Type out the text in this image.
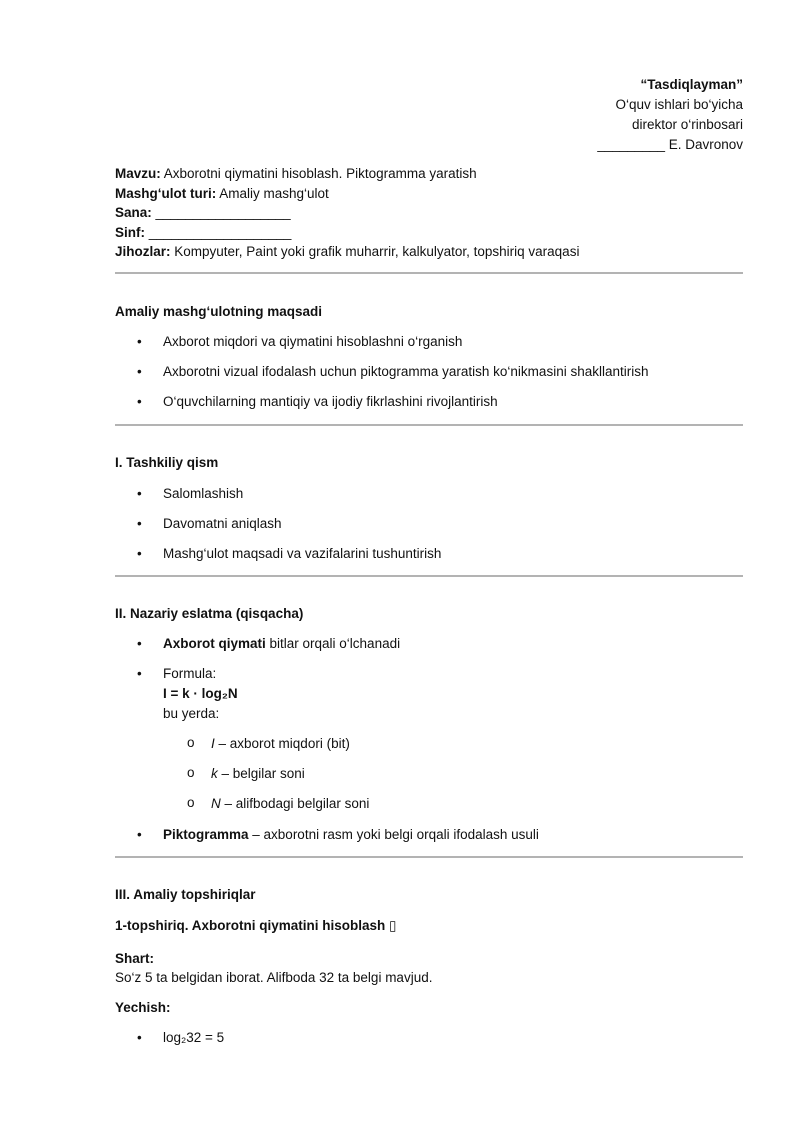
“Tasdiqlayman”
O‘quv ishlari bo‘yicha
direktor o‘rinbosari
_________ E. Davronov
Mavzu: Axborotni qiymatini hisoblash. Piktogramma yaratish
Mashg‘ulot turi: Amaliy mashg‘ulot
Sana: __________________
Sinf: ___________________
Jihozlar: Kompyuter, Paint yoki grafik muharrir, kalkulyator, topshiriq varaqasi
Amaliy mashg‘ulotning maqsadi
• Axborot miqdori va qiymatini hisoblashni o‘rganish
• Axborotni vizual ifodalash uchun piktogramma yaratish ko‘nikmasini shakllantirish
• O‘quvchilarning mantiqiy va ijodiy fikrlashini rivojlantirish
I. Tashkiliy qism
• Salomlashish
• Davomatni aniqlash
• Mashg‘ulot maqsadi va vazifalarini tushuntirish
II. Nazariy eslatma (qisqacha)
• Axborot qiymati bitlar orqali o‘lchanadi
• Formula:
I = k · log₂N
bu yerda:
o I – axborot miqdori (bit)
o k – belgilar soni
o N – alifbodagi belgilar soni
• Piktogramma – axborotni rasm yoki belgi orqali ifodalash usuli
III. Amaliy topshiriqlar
1-topshiriq. Axborotni qiymatini hisoblash ▯
Shart:
So‘z 5 ta belgidan iborat. Alifboda 32 ta belgi mavjud.
Yechish:
• log₂32 = 5
